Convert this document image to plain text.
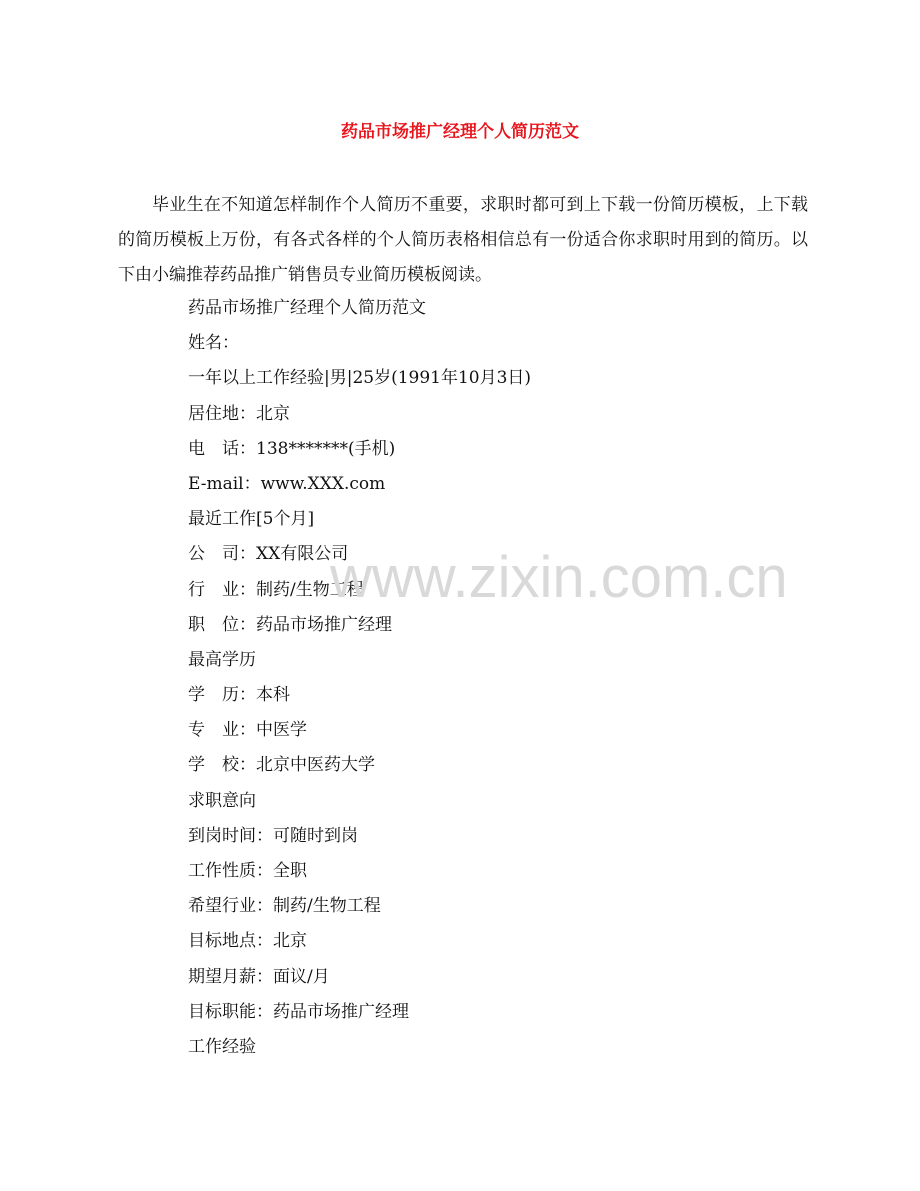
药品市场推广经理个人简历范文
毕业生在不知道怎样制作个人简历不重要，求职时都可到上下载一份简历模板，上下载的简历模板上万份，有各式各样的个人简历表格相信总有一份适合你求职时用到的简历。以下由小编推荐药品推广销售员专业简历模板阅读。
药品市场推广经理个人简历范文
姓名：
一年以上工作经验|男|25岁(1991年10月3日)
居住地：北京
电　话：138*******(手机)
E-mail：www.XXX.com
最近工作[5个月]
公　司：XX有限公司
行　业：制药/生物工程
职　位：药品市场推广经理
最高学历
学　历：本科
专　业：中医学
学　校：北京中医药大学
求职意向
到岗时间：可随时到岗
工作性质：全职
希望行业：制药/生物工程
目标地点：北京
期望月薪：面议/月
目标职能：药品市场推广经理
工作经验
www.zixin.com.cn
